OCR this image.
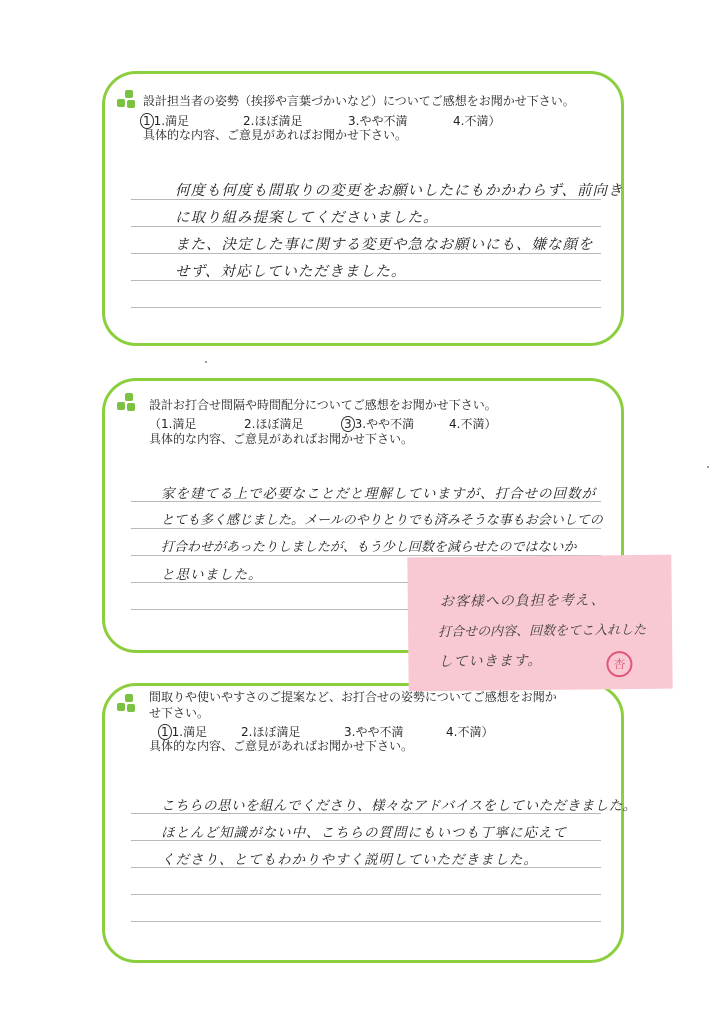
設計担当者の姿勢（挨拶や言葉づかいなど）についてご感想をお聞かせ下さい。
1 1.満足	2.ほぼ満足	3.やや不満	4.不満）
具体的な内容、ご意見があればお聞かせ下さい。
何度も何度も間取りの変更をお願いしたにもかかわらず、前向き
に取り組み提案してくださいました。
また、決定した事に関する変更や急なお願いにも、嫌な顔を
せず、対応していただきました。
設計お打合せ間隔や時間配分についてご感想をお聞かせ下さい。
（1.満足	2.ほぼ満足	3 3.やや不満	4.不満）
具体的な内容、ご意見があればお聞かせ下さい。
家を建てる上で必要なことだと理解していますが、打合せの回数が
とても多く感じました。メールのやりとりでも済みそうな事もお会いしての
打合わせがあったりしましたが、もう少し回数を減らせたのではないか
と思いました。
間取りや使いやすさのご提案など、お打合せの姿勢についてご感想をお聞か
せ下さい。
1 1.満足	2.ほぼ満足	3.やや不満	4.不満）
具体的な内容、ご意見があればお聞かせ下さい。
こちらの思いを組んでくださり、様々なアドバイスをしていただきました。
ほとんど知識がない中、こちらの質問にもいつも丁寧に応えて
くださり、とてもわかりやすく説明していただきました。
お客様への負担を考え、
打合せの内容、回数をてこ入れした
していきます。	杏
